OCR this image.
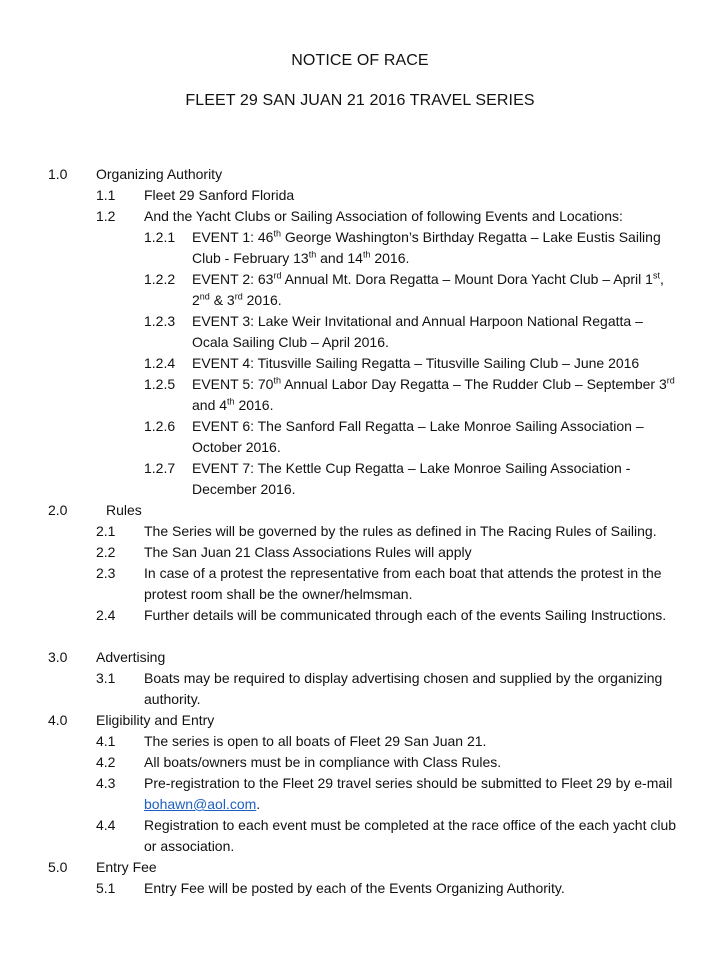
NOTICE OF RACE
FLEET 29 SAN JUAN 21 2016 TRAVEL SERIES
1.0 Organizing Authority
1.1 Fleet 29 Sanford Florida
1.2 And the Yacht Clubs or Sailing Association of following Events and Locations:
1.2.1 EVENT 1: 46th George Washington’s Birthday Regatta – Lake Eustis Sailing Club - February 13th and 14th 2016.
1.2.2 EVENT 2: 63rd Annual Mt. Dora Regatta – Mount Dora Yacht Club – April 1st, 2nd & 3rd 2016.
1.2.3 EVENT 3: Lake Weir Invitational and Annual Harpoon National Regatta – Ocala Sailing Club – April 2016.
1.2.4 EVENT 4: Titusville Sailing Regatta – Titusville Sailing Club – June 2016
1.2.5 EVENT 5: 70th Annual Labor Day Regatta – The Rudder Club – September 3rd and 4th 2016.
1.2.6 EVENT 6: The Sanford Fall Regatta – Lake Monroe Sailing Association – October 2016.
1.2.7 EVENT 7: The Kettle Cup Regatta – Lake Monroe Sailing Association - December 2016.
2.0	Rules
2.1 The Series will be governed by the rules as defined in The Racing Rules of Sailing.
2.2 The San Juan 21 Class Associations Rules will apply
2.3 In case of a protest the representative from each boat that attends the protest in the protest room shall be the owner/helmsman.
2.4 Further details will be communicated through each of the events Sailing Instructions.
3.0 Advertising
3.1 Boats may be required to display advertising chosen and supplied by the organizing authority.
4.0 Eligibility and Entry
4.1 The series is open to all boats of Fleet 29 San Juan 21.
4.2 All boats/owners must be in compliance with Class Rules.
4.3 Pre-registration to the Fleet 29 travel series should be submitted to Fleet 29 by e-mail bohawn@aol.com.
4.4 Registration to each event must be completed at the race office of the each yacht club or association.
5.0 Entry Fee
5.1 Entry Fee will be posted by each of the Events Organizing Authority.
